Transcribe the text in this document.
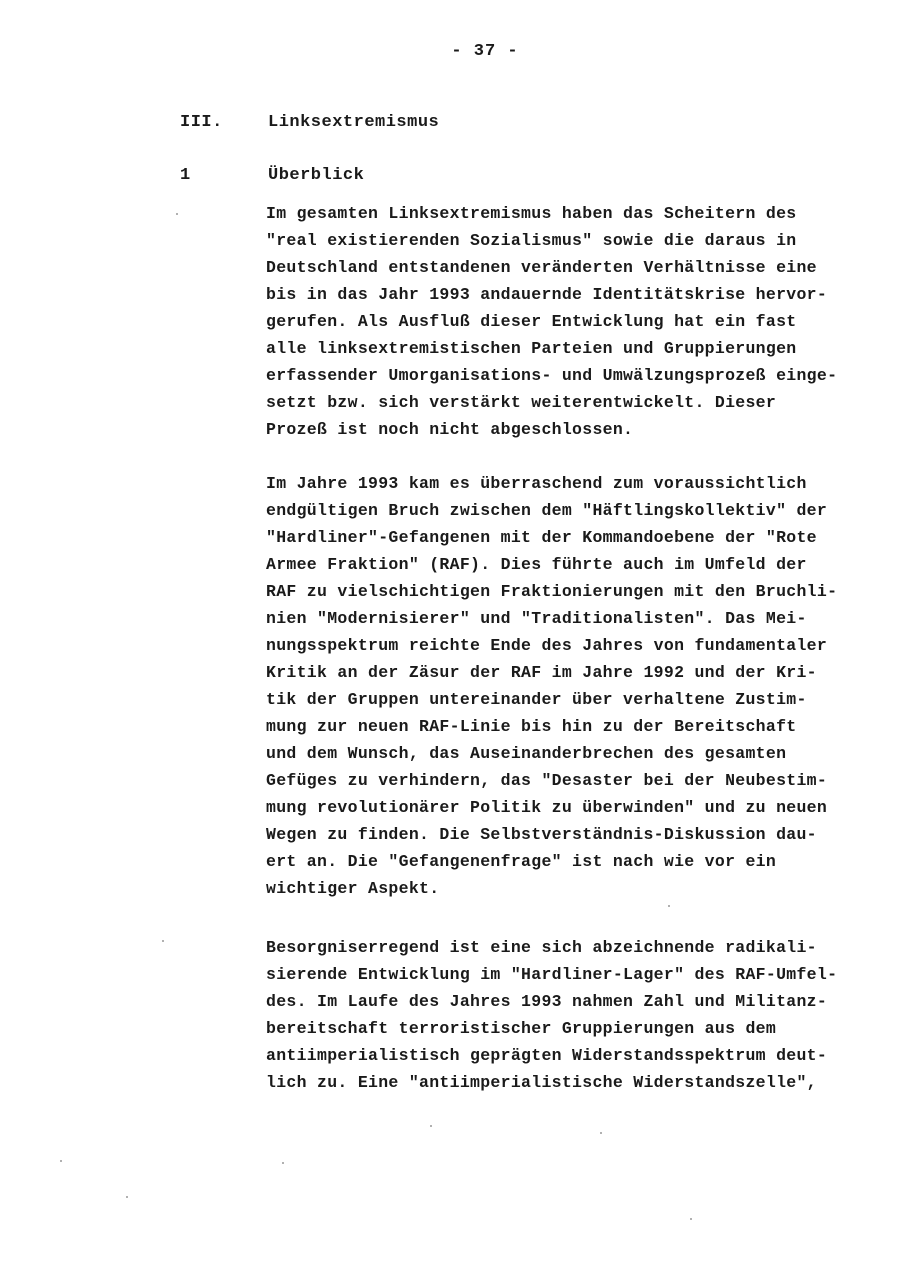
- 37 -
III.	Linksextremismus
1	Überblick
Im gesamten Linksextremismus haben das Scheitern des
"real existierenden Sozialismus" sowie die daraus in
Deutschland entstandenen veränderten Verhältnisse eine
bis in das Jahr 1993 andauernde Identitätskrise hervor-
gerufen. Als Ausfluß dieser Entwicklung hat ein fast
alle linksextremistischen Parteien und Gruppierungen
erfassender Umorganisations- und Umwälzungsprozeß einge-
setzt bzw. sich verstärkt weiterentwickelt. Dieser
Prozeß ist noch nicht abgeschlossen.
Im Jahre 1993 kam es überraschend zum voraussichtlich
endgültigen Bruch zwischen dem "Häftlingskollektiv" der
"Hardliner"-Gefangenen mit der Kommandoebene der "Rote
Armee Fraktion" (RAF). Dies führte auch im Umfeld der
RAF zu vielschichtigen Fraktionierungen mit den Bruchli-
nien "Modernisierer" und "Traditionalisten". Das Mei-
nungsspektrum reichte Ende des Jahres von fundamentaler
Kritik an der Zäsur der RAF im Jahre 1992 und der Kri-
tik der Gruppen untereinander über verhaltene Zustim-
mung zur neuen RAF-Linie bis hin zu der Bereitschaft
und dem Wunsch, das Auseinanderbrechen des gesamten
Gefüges zu verhindern, das "Desaster bei der Neubestim-
mung revolutionärer Politik zu überwinden" und zu neuen
Wegen zu finden. Die Selbstverständnis-Diskussion dau-
ert an. Die "Gefangenenfrage" ist nach wie vor ein
wichtiger Aspekt.
Besorgniserregend ist eine sich abzeichnende radikali-
sierende Entwicklung im "Hardliner-Lager" des RAF-Umfel-
des. Im Laufe des Jahres 1993 nahmen Zahl und Militanz-
bereitschaft terroristischer Gruppierungen aus dem
antiimperialistisch geprägten Widerstandsspektrum deut-
lich zu. Eine "antiimperialistische Widerstandszelle",
